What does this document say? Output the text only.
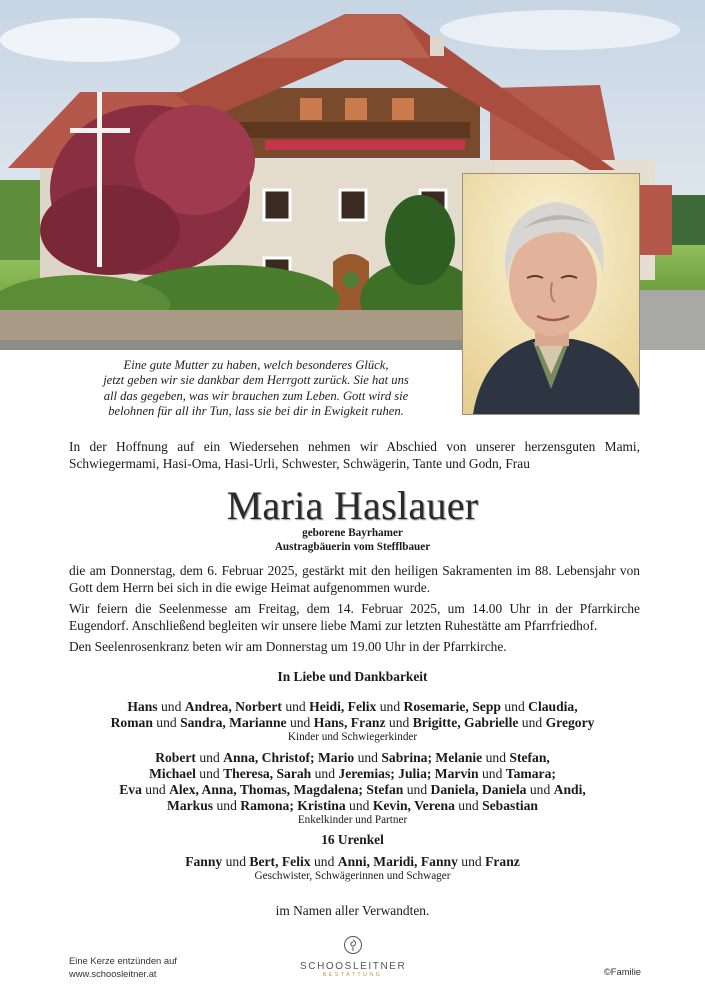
Eine gute Mutter zu haben, welch besonderes Glück,
jetzt geben wir sie dankbar dem Herrgott zurück. Sie hat uns
all das gegeben, was wir brauchen zum Leben. Gott wird sie
belohnen für all ihr Tun, lass sie bei dir in Ewigkeit ruhen.
In der Hoffnung auf ein Wiedersehen nehmen wir Abschied von unserer herzensguten Mami, Schwiegermami, Hasi-Oma, Hasi-Urli, Schwester, Schwägerin, Tante und Godn, Frau
Maria Haslauer
geborene Bayrhamer
Austragbäuerin vom Stefflbauer
die am Donnerstag, dem 6. Februar 2025, gestärkt mit den heiligen Sakramenten im 88. Lebensjahr von Gott dem Herrn bei sich in die ewige Heimat aufgenommen wurde.
Wir feiern die Seelenmesse am Freitag, dem 14. Februar 2025, um 14.00 Uhr in der Pfarrkirche Eugendorf. Anschließend begleiten wir unsere liebe Mami zur letzten Ruhestätte am Pfarrfriedhof.
Den Seelenrosenkranz beten wir am Donnerstag um 19.00 Uhr in der Pfarrkirche.
In Liebe und Dankbarkeit
Hans und Andrea, Norbert und Heidi, Felix und Rosemarie, Sepp und Claudia,
Roman und Sandra, Marianne und Hans, Franz und Brigitte, Gabrielle und Gregory
Kinder und Schwiegerkinder
Robert und Anna, Christof; Mario und Sabrina; Melanie und Stefan,
Michael und Theresa, Sarah und Jeremias; Julia; Marvin und Tamara;
Eva und Alex, Anna, Thomas, Magdalena; Stefan und Daniela, Daniela und Andi,
Markus und Ramona; Kristina und Kevin, Verena und Sebastian
Enkelkinder und Partner
16 Urenkel
Fanny und Bert, Felix und Anni, Maridi, Fanny und Franz
Geschwister, Schwägerinnen und Schwager
im Namen aller Verwandten.
Eine Kerze entzünden auf
www.schoosleitner.at
SCHOOSLEITNER
BESTATTUNG	©Familie
